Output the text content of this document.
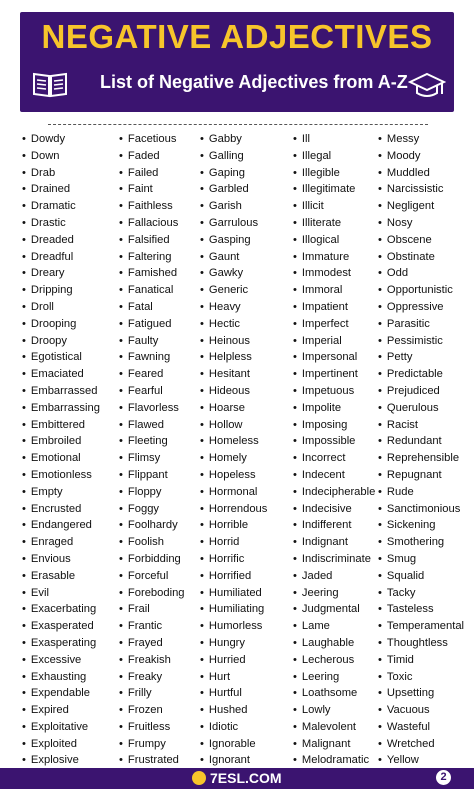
NEGATIVE ADJECTIVES
List of Negative Adjectives from A-Z
• Dowdy
• Down
• Drab
• Drained
• Dramatic
• Drastic
• Dreaded
• Dreadful
• Dreary
• Dripping
• Droll
• Drooping
• Droopy
• Egotistical
• Emaciated
• Embarrassed
• Embarrassing
• Embittered
• Embroiled
• Emotional
• Emotionless
• Empty
• Encrusted
• Endangered
• Enraged
• Envious
• Erasable
• Evil
• Exacerbating
• Exasperated
• Exasperating
• Excessive
• Exhausting
• Expendable
• Expired
• Exploitative
• Exploited
• Explosive
• Facetious
• Faded
• Failed
• Faint
• Faithless
• Fallacious
• Falsified
• Faltering
• Famished
• Fanatical
• Fatal
• Fatigued
• Faulty
• Fawning
• Feared
• Fearful
• Flavorless
• Flawed
• Fleeting
• Flimsy
• Flippant
• Floppy
• Foggy
• Foolhardy
• Foolish
• Forbidding
• Forceful
• Foreboding
• Frail
• Frantic
• Frayed
• Freakish
• Freaky
• Frilly
• Frozen
• Fruitless
• Frumpy
• Frustrated
• Gabby
• Galling
• Gaping
• Garbled
• Garish
• Garrulous
• Gasping
• Gaunt
• Gawky
• Generic
• Heavy
• Hectic
• Heinous
• Helpless
• Hesitant
• Hideous
• Hoarse
• Hollow
• Homeless
• Homely
• Hopeless
• Hormonal
• Horrendous
• Horrible
• Horrid
• Horrific
• Horrified
• Humiliated
• Humiliating
• Humorless
• Hungry
• Hurried
• Hurt
• Hurtful
• Hushed
• Idiotic
• Ignorable
• Ignorant
• Ill
• Illegal
• Illegible
• Illegitimate
• Illicit
• Illiterate
• Illogical
• Immature
• Immodest
• Immoral
• Impatient
• Imperfect
• Imperial
• Impersonal
• Impertinent
• Impetuous
• Impolite
• Imposing
• Impossible
• Incorrect
• Indecent
• Indecipherable
• Indecisive
• Indifferent
• Indignant
• Indiscriminate
• Jaded
• Jeering
• Judgmental
• Lame
• Laughable
• Lecherous
• Leering
• Loathsome
• Lowly
• Malevolent
• Malignant
• Melodramatic
• Messy
• Moody
• Muddled
• Narcissistic
• Negligent
• Nosy
• Obscene
• Obstinate
• Odd
• Opportunistic
• Oppressive
• Parasitic
• Pessimistic
• Petty
• Predictable
• Prejudiced
• Querulous
• Racist
• Redundant
• Reprehensible
• Repugnant
• Rude
• Sanctimonious
• Sickening
• Smothering
• Smug
• Squalid
• Tacky
• Tasteless
• Temperamental
• Thoughtless
• Timid
• Toxic
• Upsetting
• Vacuous
• Wasteful
• Wretched
• Yellow
7ESL.COM	2
